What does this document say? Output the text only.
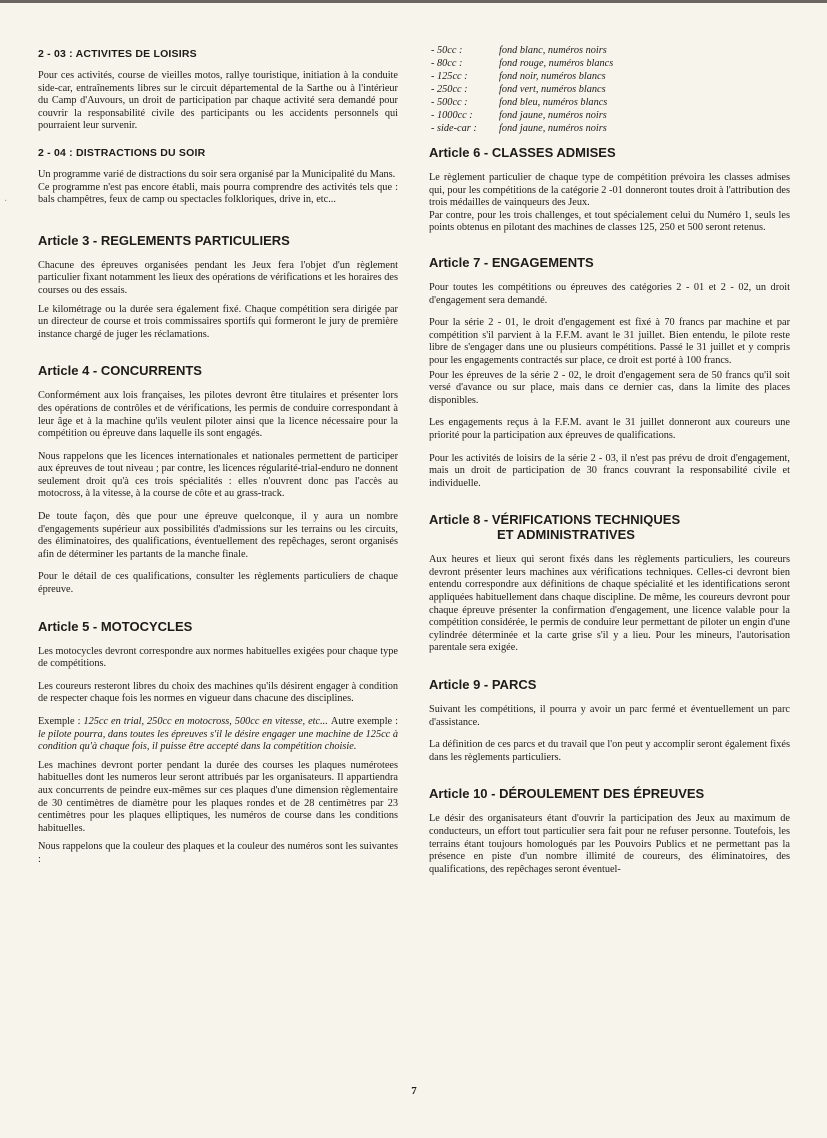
·
2 - 03 : ACTIVITES DE LOISIRS

Pour ces activités, course de vieilles motos, rallye touristique, initiation à la conduite side-car, entraînements libres sur le circuit départemental de la Sarthe ou à l'intérieur du Camp d'Auvours, un droit de participation par chaque activité sera demandé pour couvrir la responsabilité civile des participants ou les accidents personnels qui pourraient leur survenir.

2 - 04 : DISTRACTIONS DU SOIR

Un programme varié de distractions du soir sera organisé par la Municipalité du Mans.

Ce programme n'est pas encore établi, mais pourra comprendre des activités tels que : bals champêtres, feux de camp ou spectacles folkloriques, drive in, etc...

Article 3 - REGLEMENTS PARTICULIERS

Chacune des épreuves organisées pendant les Jeux fera l'objet d'un règlement particulier fixant notamment les lieux des opérations de vérifications et les horaires des courses ou des essais.

Le kilométrage ou la durée sera également fixé. Chaque compétition sera dirigée par un directeur de course et trois commissaires sportifs qui formeront le jury de première instance chargé de juger les réclamations.

Article 4 - CONCURRENTS

Conformément aux lois françaises, les pilotes devront être titulaires et présenter lors des opérations de contrôles et de vérifications, les permis de conduire correspondant à leur âge et à la machine qu'ils veulent piloter ainsi que la licence nécessaire pour la compétition ou épreuve dans laquelle ils sont engagés.

Nous rappelons que les licences internationales et nationales permettent de participer aux épreuves de tout niveau ; par contre, les licences régularité-trial-enduro ne donnent seulement droit qu'à ces trois spécialités : elles n'ouvrent donc pas l'accès au motocross, à la vitesse, à la course de côte et au grass-track.

De toute façon, dès que pour une épreuve quelconque, il y aura un nombre d'engagements supérieur aux possibilités d'admissions sur les terrains ou les circuits, des éliminatoires, des qualifications, éventuellement des repêchages, seront organisés afin de déterminer les partants de la manche finale.

Pour le détail de ces qualifications, consulter les règlements particuliers de chaque épreuve.

Article 5 - MOTOCYCLES

Les motocycles devront correspondre aux normes habituelles exigées pour chaque type de compétitions.

Les coureurs resteront libres du choix des machines qu'ils désirent engager à condition de respecter chaque fois les normes en vigueur dans chacune des disciplines.

Exemple : 125cc en trial, 250cc en motocross, 500cc en vitesse, etc... Autre exemple : le pilote pourra, dans toutes les épreuves s'il le désire engager une machine de 125cc à condition qu'à chaque fois, il puisse être accepté dans la compétition choisie.

Les machines devront porter pendant la durée des courses les plaques numérotees habituelles dont les numeros leur seront attribués par les organisateurs. Il appartiendra aux concurrents de peindre eux-mêmes sur ces plaques d'une dimension règlementaire de 30 centimètres de diamètre pour les plaques rondes et de 28 centimètres par 23 centimètres pour les plaques elliptiques, les numéros de course dans les conditions habituelles.

Nous rappelons que la couleur des plaques et la couleur des numéros sont les suivantes :

- 50cc :	fond blanc, numéros noirs
- 80cc :	fond rouge, numéros blancs
- 125cc :	fond noir, numéros blancs
- 250cc :	fond vert, numéros blancs
- 500cc :	fond bleu, numéros blancs
- 1000cc :	fond jaune, numéros noirs
- side-car :	fond jaune, numéros noirs
Article 6 - CLASSES ADMISES

Le règlement particulier de chaque type de compétition prévoira les classes admises qui, pour les compétitions de la catégorie 2 -01 donneront toutes droit à l'attribution des trois médailles de vainqueurs des Jeux.

Par contre, pour les trois challenges, et tout spécialement celui du Numéro 1, seuls les points obtenus en pilotant des machines de classes 125, 250 et 500 seront retenus.

Article 7 - ENGAGEMENTS

Pour toutes les compétitions ou épreuves des catégories 2 - 01 et 2 - 02, un droit d'engagement sera demandé.

Pour la série 2 - 01, le droit d'engagement est fixé à 70 francs par machine et par compétition s'il parvient à la F.F.M. avant le 31 juillet. Bien entendu, le pilote reste libre de s'engager dans une ou plusieurs compétitions. Passé le 31 juillet et y compris pour les engagements contractés sur place, ce droit est porté à 100 francs.

Pour les épreuves de la série 2 - 02, le droit d'engagement sera de 50 francs qu'il soit versé d'avance ou sur place, mais dans ce dernier cas, dans la limite des places disponibles.

Les engagements reçus à la F.F.M. avant le 31 juillet donneront aux coureurs une priorité pour la participation aux épreuves de qualifications.

Pour les activités de loisirs de la série 2 - 03, il n'est pas prévu de droit d'engagement, mais un droit de participation de 30 francs couvrant la responsabilité civile et individuelle.

Article 8 - VÉRIFICATIONS TECHNIQUES
ET ADMINISTRATIVES

Aux heures et lieux qui seront fixés dans les règlements particuliers, les coureurs devront présenter leurs machines aux vérifications techniques. Celles-ci devront bien entendu correspondre aux définitions de chaque spécialité et les identifications seront appliquées habituellement dans chaque discipline. De même, les coureurs devront pour chaque épreuve présenter la confirmation d'engagement, une licence valable pour la compétition considérée, le permis de conduire leur permettant de piloter un engin d'une cylindrée déterminée et la carte grise s'il y a lieu. Pour les mineurs, l'autorisation parentale sera exigée.

Article 9 - PARCS

Suivant les compétitions, il pourra y avoir un parc fermé et éventuellement un parc d'assistance.

La définition de ces parcs et du travail que l'on peut y accomplir seront également fixés dans les règlements particuliers.

Article 10 - DÉROULEMENT DES ÉPREUVES

Le désir des organisateurs étant d'ouvrir la participation des Jeux au maximum de conducteurs, un effort tout particulier sera fait pour ne refuser personne. Toutefois, les terrains étant toujours homologués par les Pouvoirs Publics et ne permettant pas la présence en piste d'un nombre illimité de coureurs, des éliminatoires, des qualifications, des repêchages seront éventuel-

7
